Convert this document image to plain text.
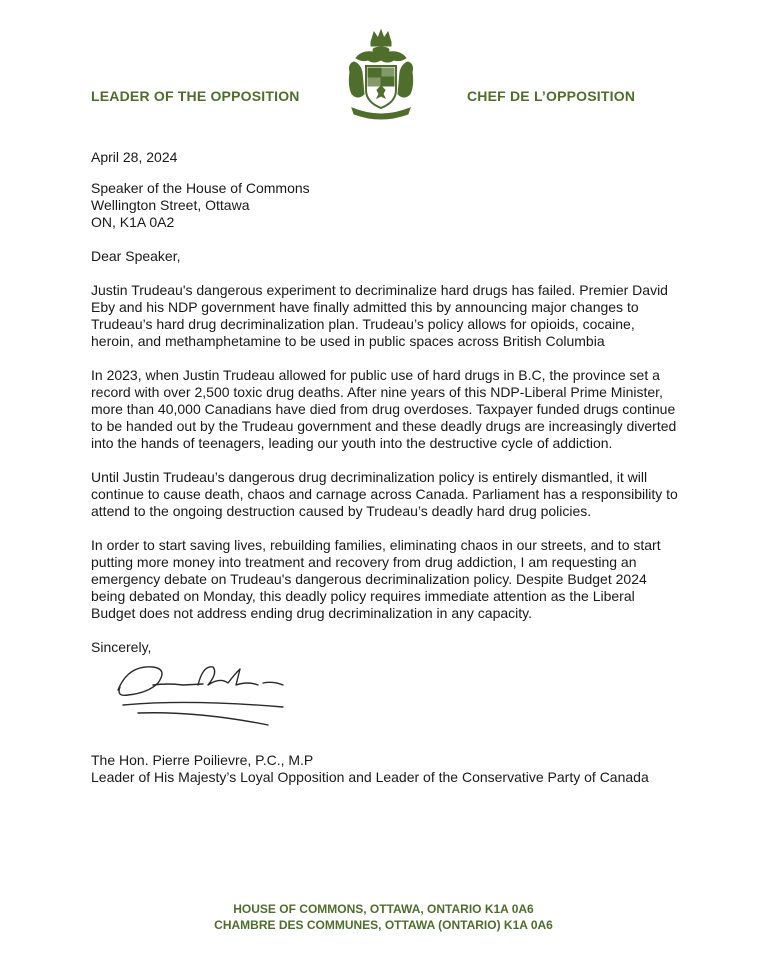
LEADER OF THE OPPOSITION	CHEF DE L’OPPOSITION
April 28, 2024
Speaker of the House of Commons
Wellington Street, Ottawa
ON, K1A 0A2
Dear Speaker,

Justin Trudeau's dangerous experiment to decriminalize hard drugs has failed. Premier David Eby and his NDP government have finally admitted this by announcing major changes to Trudeau’s hard drug decriminalization plan. Trudeau’s policy allows for opioids, cocaine, heroin, and methamphetamine to be used in public spaces across British Columbia

In 2023, when Justin Trudeau allowed for public use of hard drugs in B.C, the province set a record with over 2,500 toxic drug deaths. After nine years of this NDP-Liberal Prime Minister, more than 40,000 Canadians have died from drug overdoses. Taxpayer funded drugs continue to be handed out by the Trudeau government and these deadly drugs are increasingly diverted into the hands of teenagers, leading our youth into the destructive cycle of addiction.

Until Justin Trudeau’s dangerous drug decriminalization policy is entirely dismantled, it will continue to cause death, chaos and carnage across Canada. Parliament has a responsibility to attend to the ongoing destruction caused by Trudeau’s deadly hard drug policies.

In order to start saving lives, rebuilding families, eliminating chaos in our streets, and to start putting more money into treatment and recovery from drug addiction, I am requesting an emergency debate on Trudeau's dangerous decriminalization policy. Despite Budget 2024 being debated on Monday, this deadly policy requires immediate attention as the Liberal Budget does not address ending drug decriminalization in any capacity.

Sincerely,
The Hon. Pierre Poilievre, P.C., M.P
Leader of His Majesty’s Loyal Opposition and Leader of the Conservative Party of Canada
HOUSE OF COMMONS, OTTAWA, ONTARIO K1A 0A6
CHAMBRE DES COMMUNES, OTTAWA (ONTARIO) K1A 0A6
